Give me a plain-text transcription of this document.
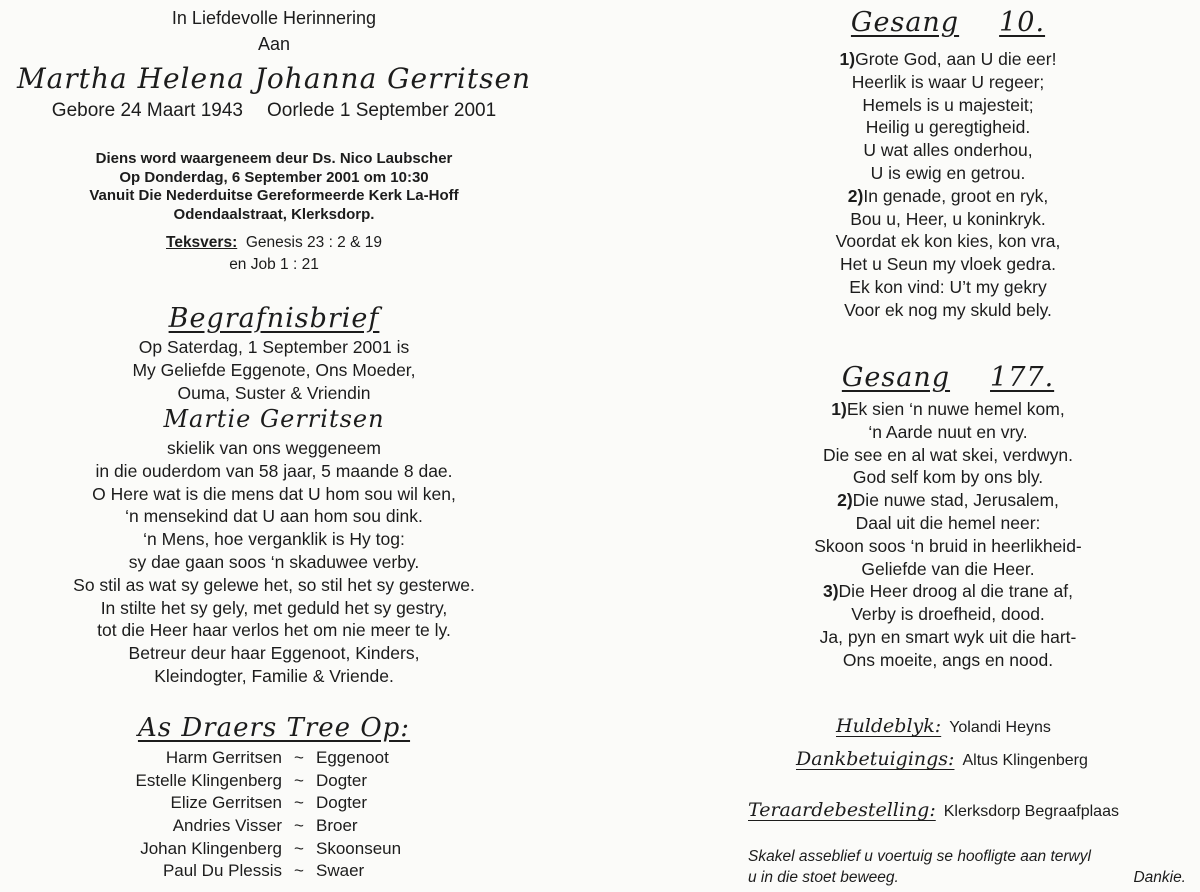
In Liefdevolle Herinnering
Aan
Martha Helena Johanna Gerritsen
Gebore 24 Maart 1943 Oorlede 1 September 2001
Diens word waargeneem deur Ds. Nico Laubscher
Op Donderdag, 6 September 2001 om 10:30
Vanuit Die Nederduitse Gereformeerde Kerk La-Hoff
Odendaalstraat, Klerksdorp.
Teksvers: Genesis 23 : 2 & 19
en Job 1 : 21
Begrafnisbrief
Op Saterdag, 1 September 2001 is
My Geliefde Eggenote, Ons Moeder,
Ouma, Suster & Vriendin
Martie Gerritsen
skielik van ons weggeneem
in die ouderdom van 58 jaar, 5 maande 8 dae.
O Here wat is die mens dat U hom sou wil ken,
‘n mensekind dat U aan hom sou dink.
‘n Mens, hoe verganklik is Hy tog:
sy dae gaan soos ‘n skaduwee verby.
So stil as wat sy gelewe het, so stil het sy gesterwe.
In stilte het sy gely, met geduld het sy gestry,
tot die Heer haar verlos het om nie meer te ly.
Betreur deur haar Eggenoot, Kinders,
Kleindogter, Familie & Vriende.
As Draers Tree Op:
Harm Gerritsen ~ Eggenoot
Estelle Klingenberg ~ Dogter
Elize Gerritsen ~ Dogter
Andries Visser ~ Broer
Johan Klingenberg ~ Skoonseun
Paul Du Plessis ~ Swaer
Gesang 10.
1)Grote God, aan U die eer!
Heerlik is waar U regeer;
Hemels is u majesteit;
Heilig u geregtigheid.
U wat alles onderhou,
U is ewig en getrou.
2)In genade, groot en ryk,
Bou u, Heer, u koninkryk.
Voordat ek kon kies, kon vra,
Het u Seun my vloek gedra.
Ek kon vind: U’t my gekry
Voor ek nog my skuld bely.
Gesang 177.
1)Ek sien ‘n nuwe hemel kom,
‘n Aarde nuut en vry.
Die see en al wat skei, verdwyn.
God self kom by ons bly.
2)Die nuwe stad, Jerusalem,
Daal uit die hemel neer:
Skoon soos ‘n bruid in heerlikheid-
Geliefde van die Heer.
3)Die Heer droog al die trane af,
Verby is droefheid, dood.
Ja, pyn en smart wyk uit die hart-
Ons moeite, angs en nood.
Huldeblyk: Yolandi Heyns
Dankbetuigings: Altus Klingenberg
Teraardebestelling: Klerksdorp Begraafplaas
Skakel asseblief u voertuig se hoofligte aan terwyl
u in die stoet beweeg.	Dankie.
